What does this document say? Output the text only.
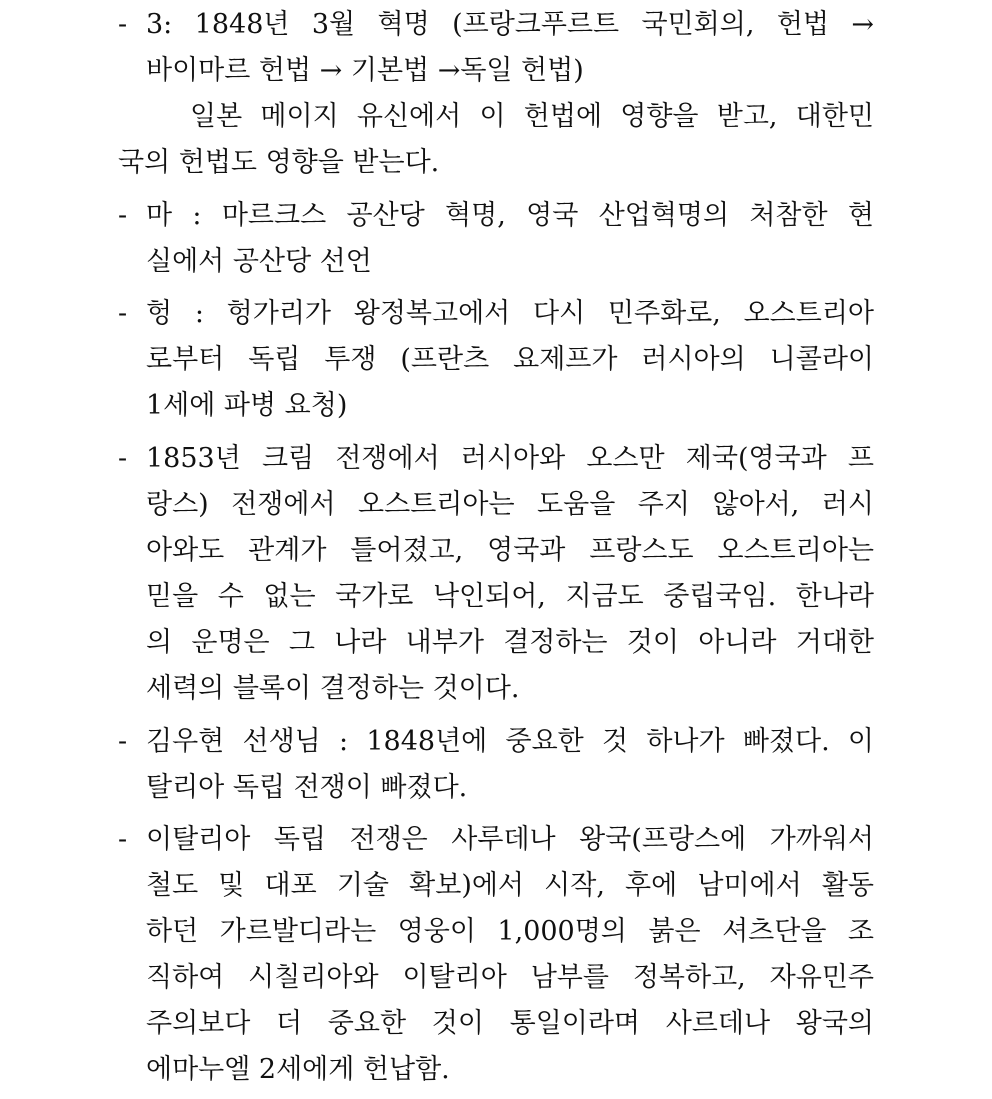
- 3: 1848년 3월 혁명 (프랑크푸르트 국민회의, 헌법 →
바이마르 헌법 → 기본법 →독일 헌법)
일본 메이지 유신에서 이 헌법에 영향을 받고, 대한민
국의 헌법도 영향을 받는다.
- 마 : 마르크스 공산당 혁명, 영국 산업혁명의 처참한 현
실에서 공산당 선언
- 헝 : 헝가리가 왕정복고에서 다시 민주화로, 오스트리아
로부터 독립 투쟁 (프란츠 요제프가 러시아의 니콜라이
1세에 파병 요청)
- 1853년 크림 전쟁에서 러시아와 오스만 제국(영국과 프
랑스) 전쟁에서 오스트리아는 도움을 주지 않아서, 러시
아와도 관계가 틀어졌고, 영국과 프랑스도 오스트리아는
믿을 수 없는 국가로 낙인되어, 지금도 중립국임. 한나라
의 운명은 그 나라 내부가 결정하는 것이 아니라 거대한
세력의 블록이 결정하는 것이다.
- 김우현 선생님 : 1848년에 중요한 것 하나가 빠졌다. 이
탈리아 독립 전쟁이 빠졌다.
- 이탈리아 독립 전쟁은 사루데나 왕국(프랑스에 가까워서
철도 및 대포 기술 확보)에서 시작, 후에 남미에서 활동
하던 가르발디라는 영웅이 1,000명의 붉은 셔츠단을 조
직하여 시칠리아와 이탈리아 남부를 정복하고, 자유민주
주의보다 더 중요한 것이 통일이라며 사르데나 왕국의
에마누엘 2세에게 헌납함.
